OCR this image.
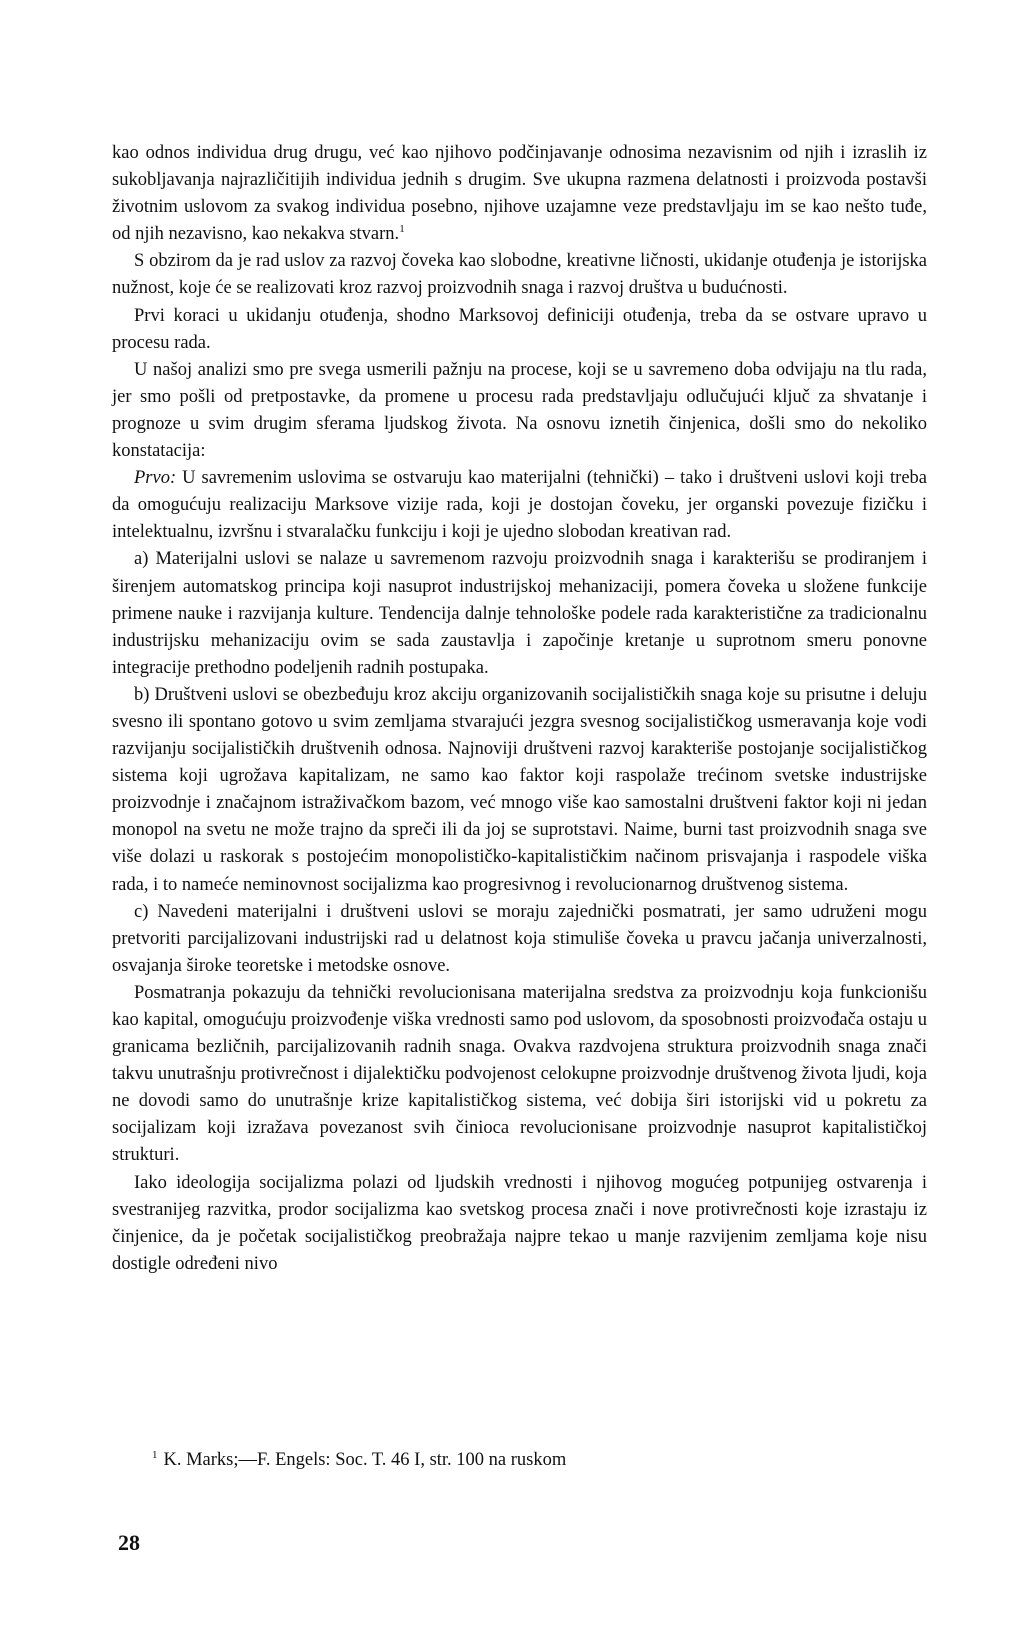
kao odnos individua drug drugu, već kao njihovo podčinjavanje odnosima nezavisnim od njih i izraslih iz sukobljavanja najrazličitijih individua jednih s drugim. Sve ukupna razmena delatnosti i proizvoda postavši životnim uslovom za svakog individua posebno, njihove uzajamne veze predstavljaju im se kao nešto tuđe, od njih nezavisno, kao nekakva stvarn.$^1$

S obzirom da je rad uslov za razvoj čoveka kao slobodne, kreativne ličnosti, ukidanje otuđenja je istorijska nužnost, koje će se realizovati kroz razvoj proizvodnih snaga i razvoj društva u budućnosti.

Prvi koraci u ukidanju otuđenja, shodno Marksovoj definiciji otuđenja, treba da se ostvare upravo u procesu rada.

U našoj analizi smo pre svega usmerili pažnju na procese, koji se u savremeno doba odvijaju na tlu rada, jer smo pošli od pretpostavke, da promene u procesu rada predstavljaju odlučujući ključ za shvatanje i prognoze u svim drugim sferama ljudskog života. Na osnovu iznetih činjenica, došli smo do nekoliko konstatacija:

Prvo: U savremenim uslovima se ostvaruju kao materijalni (tehnički) – tako i društveni uslovi koji treba da omogućuju realizaciju Marksove vizije rada, koji je dostojan čoveku, jer organski povezuje fizičku i intelektualnu, izvršnu i stvaralačku funkciju i koji je ujedno slobodan kreativan rad.

a) Materijalni uslovi se nalaze u savremenom razvoju proizvodnih snaga i karakterišu se prodiranjem i širenjem automatskog principa koji nasuprot industrijskoj mehanizaciji, pomera čoveka u složene funkcije primene nauke i razvijanja kulture. Tendencija dalnje tehnološke podele rada karakteristične za tradicionalnu industrijsku mehanizaciju ovim se sada zaustavlja i započinje kretanje u suprotnom smeru ponovne integracije prethodno podeljenih radnih postupaka.

b) Društveni uslovi se obezbeđuju kroz akciju organizovanih socijalističkih snaga koje su prisutne i deluju svesno ili spontano gotovo u svim zemljama stvarajući jezgra svesnog socijalističkog usmeravanja koje vodi razvijanju socijalističkih društvenih odnosa. Najnoviji društveni razvoj karakteriše postojanje socijalističkog sistema koji ugrožava kapitalizam, ne samo kao faktor koji raspolaže trećinom svetske industrijske proizvodnje i značajnom istraživačkom bazom, već mnogo više kao samostalni društveni faktor koji ni jedan monopol na svetu ne može trajno da spreči ili da joj se suprotstavi. Naime, burni tast proizvodnih snaga sve više dolazi u raskorak s postojećim monopolističko-kapitalističkim načinom prisvajanja i raspodele viška rada, i to nameće neminovnost socijalizma kao progresivnog i revolucionarnog društvenog sistema.

c) Navedeni materijalni i društveni uslovi se moraju zajednički posmatrati, jer samo udruženi mogu pretvoriti parcijalizovani industrijski rad u delatnost koja stimuliše čoveka u pravcu jačanja univerzalnosti, osvajanja široke teoretske i metodske osnove.

Posmatranja pokazuju da tehnički revolucionisana materijalna sredstva za proizvodnju koja funkcionišu kao kapital, omogućuju proizvođenje viška vrednosti samo pod uslovom, da sposobnosti proizvođača ostaju u granicama bezličnih, parcijalizovanih radnih snaga. Ovakva razdvojena struktura proizvodnih snaga znači takvu unutrašnju protivrečnost i dijalektičku podvojenost celokupne proizvodnje društvenog života ljudi, koja ne dovodi samo do unutrašnje krize kapitalističkog sistema, već dobija širi istorijski vid u pokretu za socijalizam koji izražava povezanost svih činioca revolucionisane proizvodnje nasuprot kapitalističkoj strukturi.

Iako ideologija socijalizma polazi od ljudskih vrednosti i njihovog mogućeg potpunijeg ostvarenja i svestranijeg razvitka, prodor socijalizma kao svetskog procesa znači i nove protivrečnosti koje izrastaju iz činjenice, da je početak socijalističkog preobražaja najpre tekao u manje razvijenim zemljama koje nisu dostigle određeni nivo

$^1$ K. Marks;—F. Engels: Soc. T. 46 I, str. 100 na ruskom
28
